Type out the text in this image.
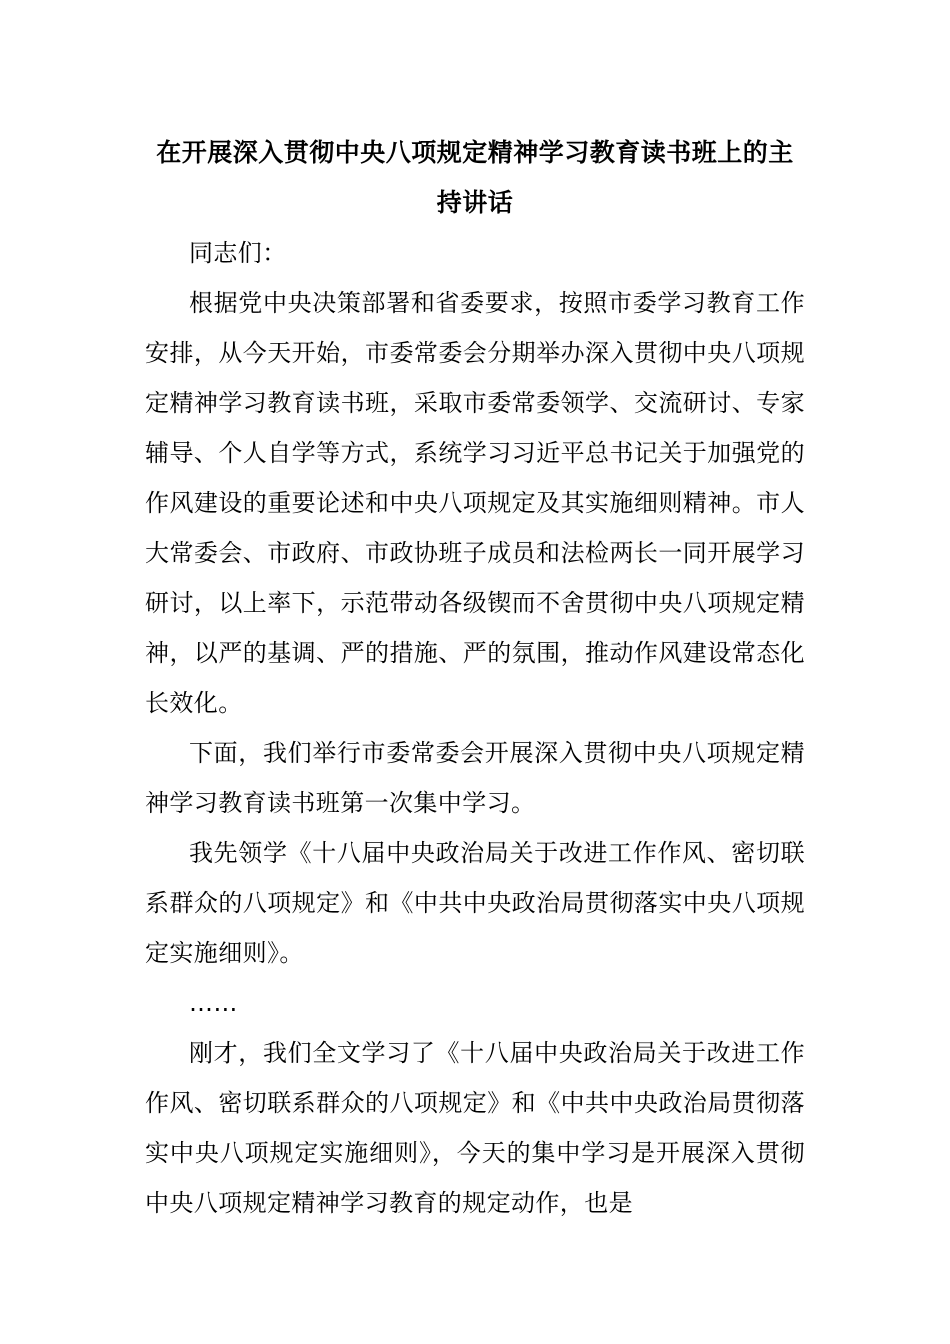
在开展深入贯彻中央八项规定精神学习教育读书班上的主持讲话

同志们：

根据党中央决策部署和省委要求，按照市委学习教育工作安排，从今天开始，市委常委会分期举办深入贯彻中央八项规定精神学习教育读书班，采取市委常委领学、交流研讨、专家辅导、个人自学等方式，系统学习习近平总书记关于加强党的作风建设的重要论述和中央八项规定及其实施细则精神。市人大常委会、市政府、市政协班子成员和法检两长一同开展学习研讨，以上率下，示范带动各级锲而不舍贯彻中央八项规定精神，以严的基调、严的措施、严的氛围，推动作风建设常态化长效化。

下面，我们举行市委常委会开展深入贯彻中央八项规定精神学习教育读书班第一次集中学习。

我先领学《十八届中央政治局关于改进工作作风、密切联系群众的八项规定》和《中共中央政治局贯彻落实中央八项规定实施细则》。

……

刚才，我们全文学习了《十八届中央政治局关于改进工作作风、密切联系群众的八项规定》和《中共中央政治局贯彻落实中央八项规定实施细则》，今天的集中学习是开展深入贯彻中央八项规定精神学习教育的规定动作，也是
